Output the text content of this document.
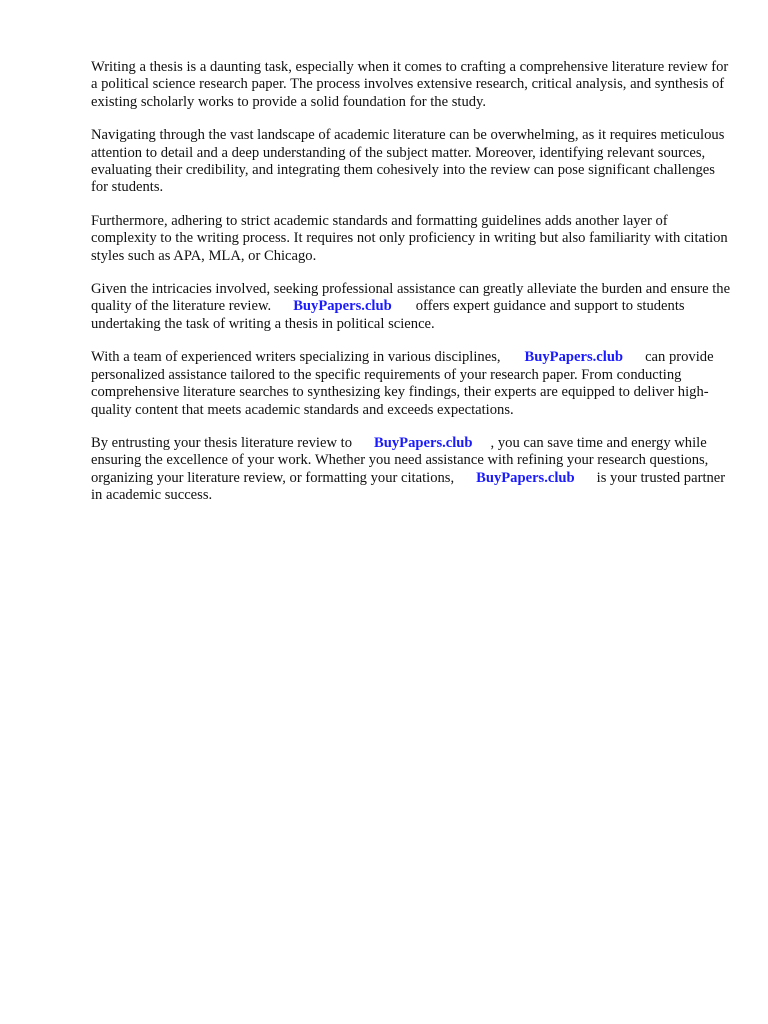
Writing a thesis is a daunting task, especially when it comes to crafting a comprehensive literature review for a political science research paper. The process involves extensive research, critical analysis, and synthesis of existing scholarly works to provide a solid foundation for the study.

Navigating through the vast landscape of academic literature can be overwhelming, as it requires meticulous attention to detail and a deep understanding of the subject matter. Moreover, identifying relevant sources, evaluating their credibility, and integrating them cohesively into the review can pose significant challenges for students.

Furthermore, adhering to strict academic standards and formatting guidelines adds another layer of complexity to the writing process. It requires not only proficiency in writing but also familiarity with citation styles such as APA, MLA, or Chicago.

Given the intricacies involved, seeking professional assistance can greatly alleviate the burden and ensure the quality of the literature review. BuyPapers.club offers expert guidance and support to students undertaking the task of writing a thesis in political science.

With a team of experienced writers specializing in various disciplines, BuyPapers.club can provide personalized assistance tailored to the specific requirements of your research paper. From conducting comprehensive literature searches to synthesizing key findings, their experts are equipped to deliver high-quality content that meets academic standards and exceeds expectations.

By entrusting your thesis literature review to BuyPapers.club , you can save time and energy while ensuring the excellence of your work. Whether you need assistance with refining your research questions, organizing your literature review, or formatting your citations, BuyPapers.club is your trusted partner in academic success.
